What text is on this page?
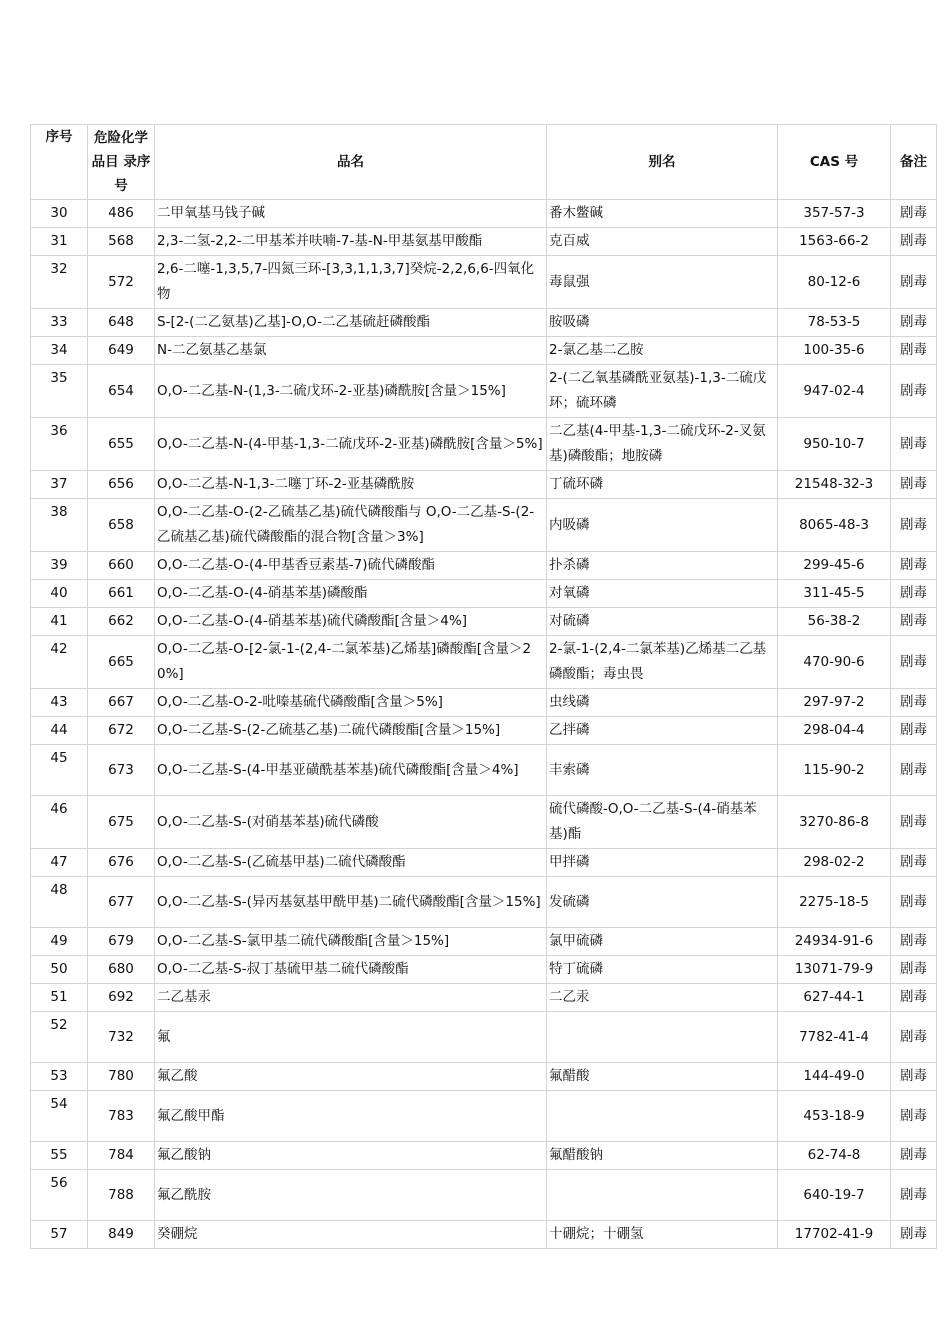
序号	危险化学品目 录序号	品名	别名	CAS 号	备注
30	486	二甲氧基马钱子碱	番木鳖碱	357-57-3	剧毒
31	568	2,3-二氢-2,2-二甲基苯并呋喃-7-基-N-甲基氨基甲酸酯	克百威	1563-66-2	剧毒
32	572	2,6-二噻-1,3,5,7-四氮三环-[3,3,1,1,3,7]癸烷-2,2,6,6-四氧化物	毒鼠强	80-12-6	剧毒
33	648	S-[2-(二乙氨基)乙基]-O,O-二乙基硫赶磷酸酯	胺吸磷	78-53-5	剧毒
34	649	N-二乙氨基乙基氯	2-氯乙基二乙胺	100-35-6	剧毒
35	654	O,O-二乙基-N-(1,3-二硫戊环-2-亚基)磷酰胺[含量＞15%]	2-(二乙氧基磷酰亚氨基)-1,3-二硫戊环；硫环磷	947-02-4	剧毒
36	655	O,O-二乙基-N-(4-甲基-1,3-二硫戊环-2-亚基)磷酰胺[含量＞5%]	二乙基(4-甲基-1,3-二硫戊环-2-叉氨基)磷酸酯；地胺磷	950-10-7	剧毒
37	656	O,O-二乙基-N-1,3-二噻丁环-2-亚基磷酰胺	丁硫环磷	21548-32-3	剧毒
38	658	O,O-二乙基-O-(2-乙硫基乙基)硫代磷酸酯与 O,O-二乙基-S-(2-乙硫基乙基)硫代磷酸酯的混合物[含量＞3%]	内吸磷	8065-48-3	剧毒
39	660	O,O-二乙基-O-(4-甲基香豆素基-7)硫代磷酸酯	扑杀磷	299-45-6	剧毒
40	661	O,O-二乙基-O-(4-硝基苯基)磷酸酯	对氧磷	311-45-5	剧毒
41	662	O,O-二乙基-O-(4-硝基苯基)硫代磷酸酯[含量＞4%]	对硫磷	56-38-2	剧毒
42	665	O,O-二乙基-O-[2-氯-1-(2,4-二氯苯基)乙烯基]磷酸酯[含量＞20%]	2-氯-1-(2,4-二氯苯基)乙烯基二乙基磷酸酯；毒虫畏	470-90-6	剧毒
43	667	O,O-二乙基-O-2-吡嗪基硫代磷酸酯[含量＞5%]	虫线磷	297-97-2	剧毒
44	672	O,O-二乙基-S-(2-乙硫基乙基)二硫代磷酸酯[含量＞15%]	乙拌磷	298-04-4	剧毒
45	673	O,O-二乙基-S-(4-甲基亚磺酰基苯基)硫代磷酸酯[含量＞4%]	丰索磷	115-90-2	剧毒
46	675	O,O-二乙基-S-(对硝基苯基)硫代磷酸	硫代磷酸-O,O-二乙基-S-(4-硝基苯基)酯	3270-86-8	剧毒
47	676	O,O-二乙基-S-(乙硫基甲基)二硫代磷酸酯	甲拌磷	298-02-2	剧毒
48	677	O,O-二乙基-S-(异丙基氨基甲酰甲基)二硫代磷酸酯[含量＞15%]	发硫磷	2275-18-5	剧毒
49	679	O,O-二乙基-S-氯甲基二硫代磷酸酯[含量＞15%]	氯甲硫磷	24934-91-6	剧毒
50	680	O,O-二乙基-S-叔丁基硫甲基二硫代磷酸酯	特丁硫磷	13071-79-9	剧毒
51	692	二乙基汞	二乙汞	627-44-1	剧毒
52	732	氟		7782-41-4	剧毒
53	780	氟乙酸	氟醋酸	144-49-0	剧毒
54	783	氟乙酸甲酯		453-18-9	剧毒
55	784	氟乙酸钠	氟醋酸钠	62-74-8	剧毒
56	788	氟乙酰胺		640-19-7	剧毒
57	849	癸硼烷	十硼烷；十硼氢	17702-41-9	剧毒
